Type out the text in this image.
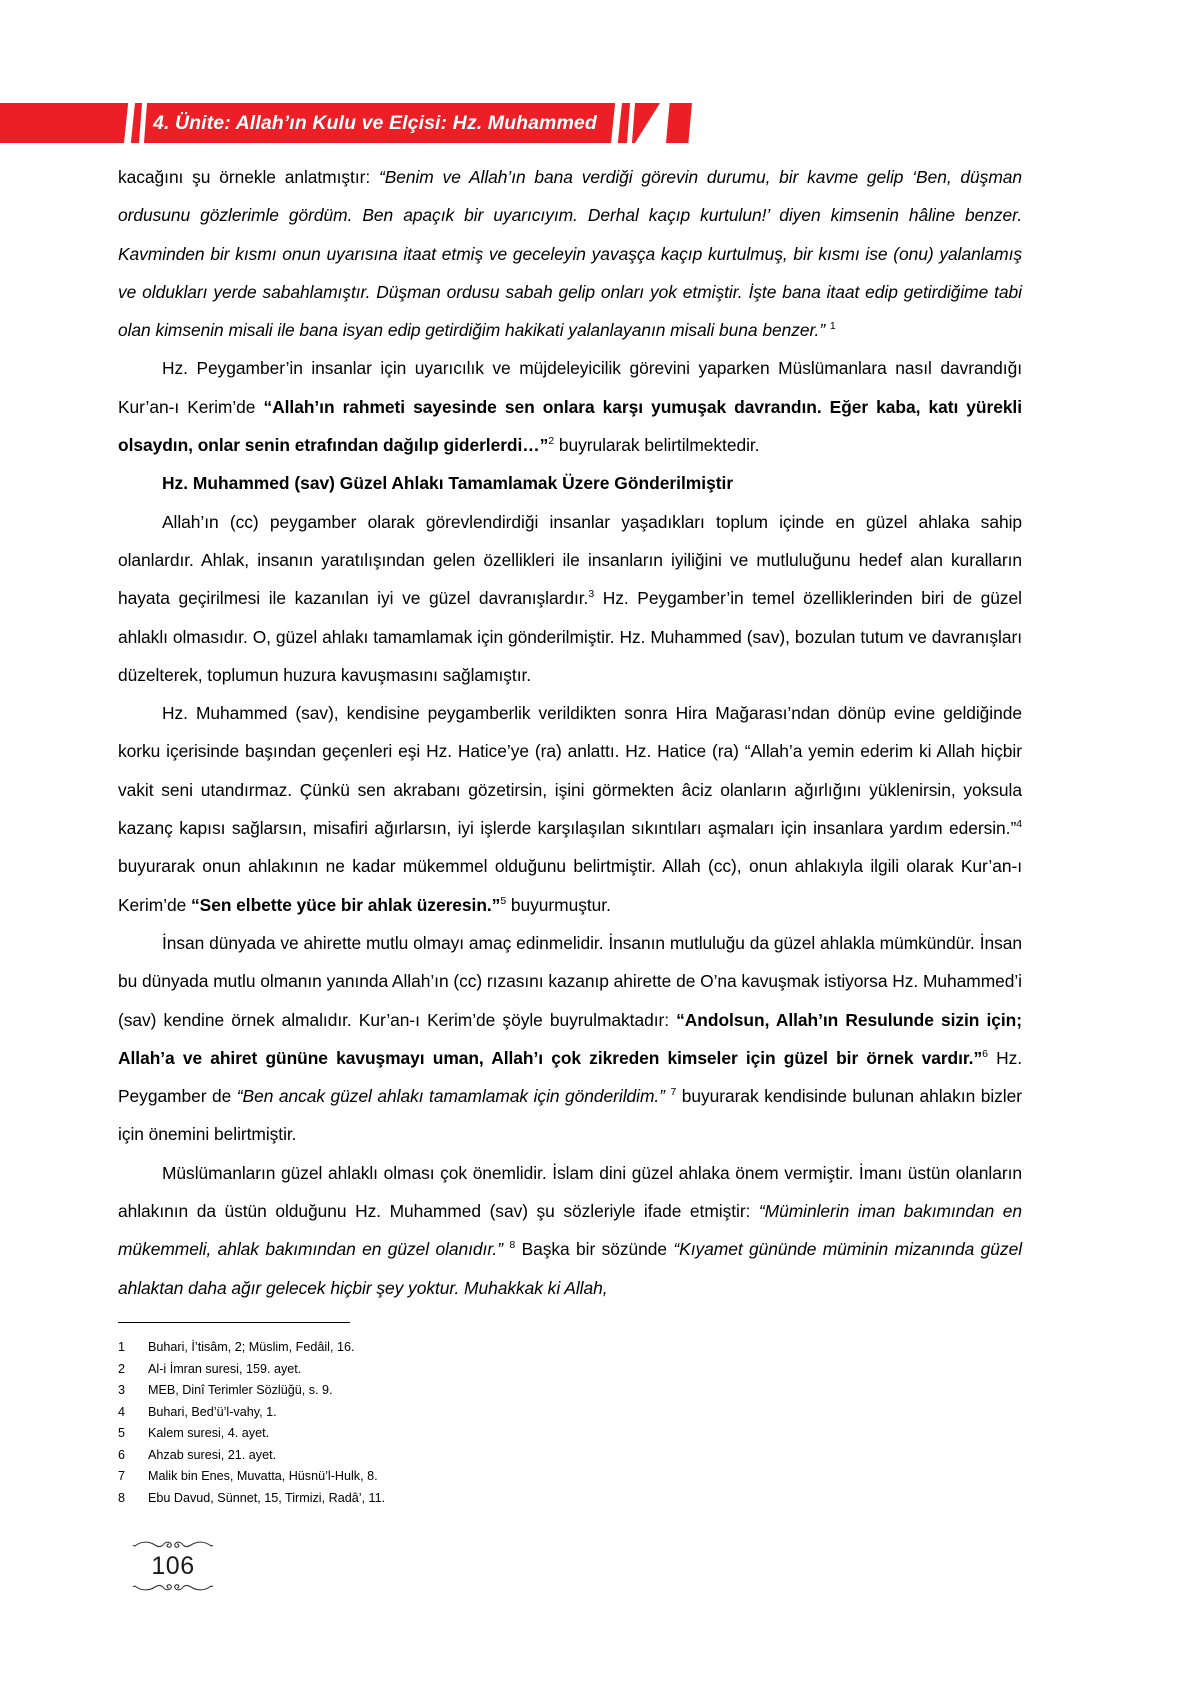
4. Ünite: Allah’ın Kulu ve Elçisi: Hz. Muhammed

kacağını şu örnekle anlatmıştır: “Benim ve Allah’ın bana verdiği görevin durumu, bir kavme gelip ‘Ben, düşman ordusunu gözlerimle gördüm. Ben apaçık bir uyarıcıyım. Derhal kaçıp kurtulun!’ diyen kimsenin hâline benzer. Kavminden bir kısmı onun uyarısına itaat etmiş ve geceleyin yavaşça kaçıp kurtulmuş, bir kısmı ise (onu) yalanlamış ve oldukları yerde sabahlamıştır. Düşman ordusu sabah gelip onları yok etmiştir. İşte bana itaat edip getirdiğime tabi olan kimsenin misali ile bana isyan edip getirdiğim hakikati yalanlayanın misali buna benzer.” $^1$

Hz. Peygamber’in insanlar için uyarıcılık ve müjdeleyicilik görevini yaparken Müslümanlara nasıl davrandığı Kur’an-ı Kerim’de “Allah’ın rahmeti sayesinde sen onlara karşı yumuşak davrandın. Eğer kaba, katı yürekli olsaydın, onlar senin etrafından dağılıp giderlerdi…”$^2$ buyrularak belirtilmektedir.

Hz. Muhammed (sav) Güzel Ahlakı Tamamlamak Üzere Gönderilmiştir

Allah’ın (cc) peygamber olarak görevlendirdiği insanlar yaşadıkları toplum içinde en güzel ahlaka sahip olanlardır. Ahlak, insanın yaratılışından gelen özellikleri ile insanların iyiliğini ve mutluluğunu hedef alan kuralların hayata geçirilmesi ile kazanılan iyi ve güzel davranışlardır.$^3$ Hz. Peygamber’in temel özelliklerinden biri de güzel ahlaklı olmasıdır. O, güzel ahlakı tamamlamak için gönderilmiştir. Hz. Muhammed (sav), bozulan tutum ve davranışları düzelterek, toplumun huzura kavuşmasını sağlamıştır.

Hz. Muhammed (sav), kendisine peygamberlik verildikten sonra Hira Mağarası’ndan dönüp evine geldiğinde korku içerisinde başından geçenleri eşi Hz. Hatice’ye (ra) anlattı. Hz. Hatice (ra) “Allah’a yemin ederim ki Allah hiçbir vakit seni utandırmaz. Çünkü sen akrabanı gözetirsin, işini görmekten âciz olanların ağırlığını yüklenirsin, yoksula kazanç kapısı sağlarsın, misafiri ağırlarsın, iyi işlerde karşılaşılan sıkıntıları aşmaları için insanlara yardım edersin.”$^4$ buyurarak onun ahlakının ne kadar mükemmel olduğunu belirtmiştir. Allah (cc), onun ahlakıyla ilgili olarak Kur’an-ı Kerim’de “Sen elbette yüce bir ahlak üzeresin.”$^5$ buyurmuştur.

İnsan dünyada ve ahirette mutlu olmayı amaç edinmelidir. İnsanın mutluluğu da güzel ahlakla mümkündür. İnsan bu dünyada mutlu olmanın yanında Allah’ın (cc) rızasını kazanıp ahirette de O’na kavuşmak istiyorsa Hz. Muhammed’i (sav) kendine örnek almalıdır. Kur’an-ı Kerim’de şöyle buyrulmaktadır: “Andolsun, Allah’ın Resulunde sizin için; Allah’a ve ahiret gününe kavuşmayı uman, Allah’ı çok zikreden kimseler için güzel bir örnek vardır.”$^6$ Hz. Peygamber de “Ben ancak güzel ahlakı tamamlamak için gönderildim.” $^7$ buyurarak kendisinde bulunan ahlakın bizler için önemini belirtmiştir.

Müslümanların güzel ahlaklı olması çok önemlidir. İslam dini güzel ahlaka önem vermiştir. İmanı üstün olanların ahlakının da üstün olduğunu Hz. Muhammed (sav) şu sözleriyle ifade etmiştir: “Müminlerin iman bakımından en mükemmeli, ahlak bakımından en güzel olanıdır.” $^8$ Başka bir sözünde “Kıyamet gününde müminin mizanında güzel ahlaktan daha ağır gelecek hiçbir şey yoktur. Muhakkak ki Allah,

1	Buhari, İ’tisâm, 2; Müslim, Fedâil, 16.
2	Al-i İmran suresi, 159. ayet.
3	MEB, Dinî Terimler Sözlüğü, s. 9.
4	Buhari, Bed’ü’l-vahy, 1.
5	Kalem suresi, 4. ayet.
6	Ahzab suresi, 21. ayet.
7	Malik bin Enes, Muvatta, Hüsnü’l-Hulk, 8.
8	Ebu Davud, Sünnet, 15, Tirmizi, Radâ’, 11.
106
